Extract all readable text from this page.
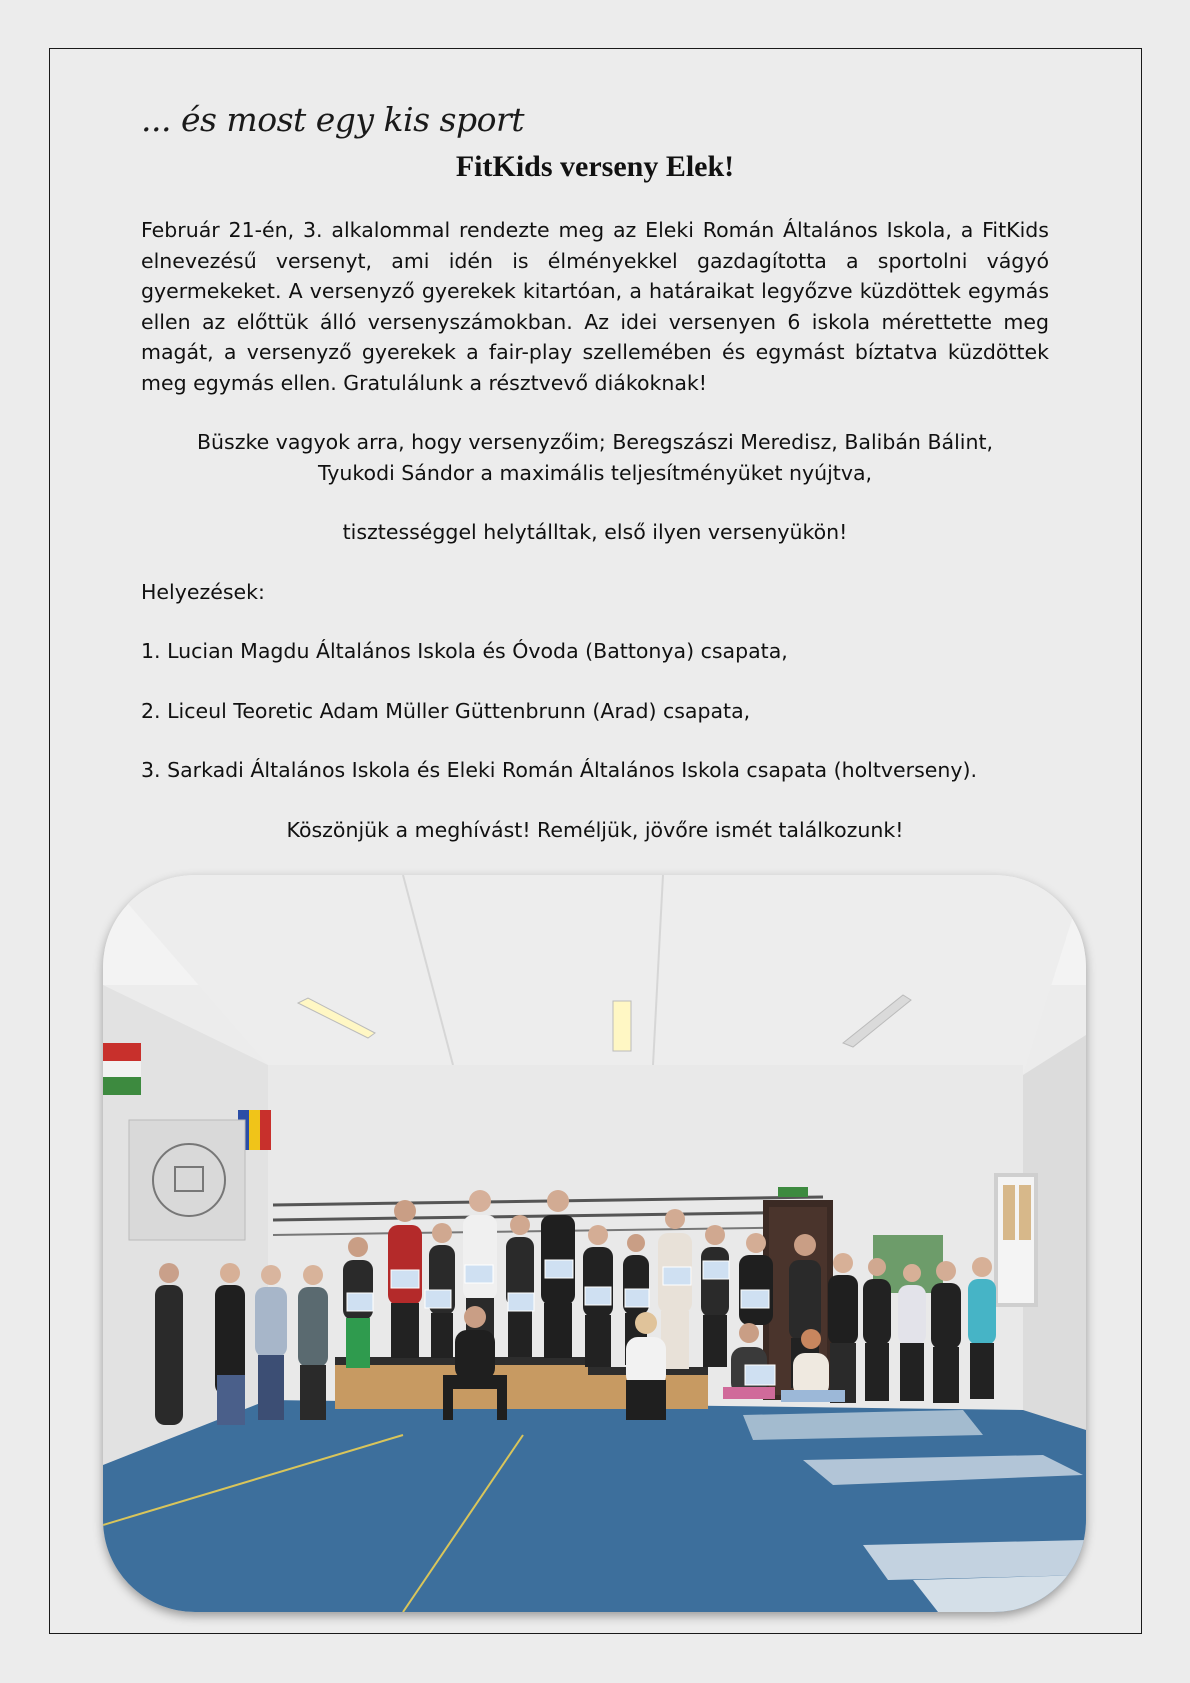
... és most egy kis sport

FitKids verseny Elek!

Február 21-én, 3. alkalommal rendezte meg az Eleki Román Általános Iskola, a FitKids elnevezésű versenyt, ami idén is élményekkel gazdagította a sportolni vágyó gyermekeket. A versenyző gyerekek kitartóan, a határaikat legyőzve küzdöttek egymás ellen az előttük álló versenyszámokban. Az idei versenyen 6 iskola mérettette meg magát, a versenyző gyerekek a fair-play szellemében és egymást bíztatva küzdöttek meg egymás ellen. Gratulálunk a résztvevő diákoknak!

Büszke vagyok arra, hogy versenyzőim; Beregszászi Meredisz, Balibán Bálint, Tyukodi Sándor a maximális teljesítményüket nyújtva,

tisztességgel helytálltak, első ilyen versenyükön!

Helyezések:

1. Lucian Magdu Általános Iskola és Óvoda (Battonya) csapata,

2. Liceul Teoretic Adam Müller Güttenbrunn (Arad) csapata,

3. Sarkadi Általános Iskola és Eleki Román Általános Iskola csapata (holtverseny).

Köszönjük a meghívást! Reméljük, jövőre ismét találkozunk!
